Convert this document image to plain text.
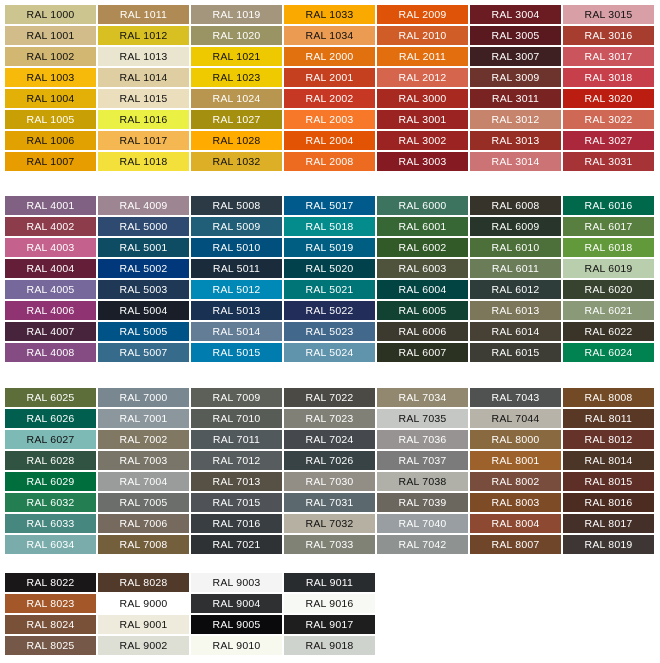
RAL 1000
RAL 1001
RAL 1002
RAL 1003
RAL 1004
RAL 1005
RAL 1006
RAL 1007
RAL 1011
RAL 1012
RAL 1013
RAL 1014
RAL 1015
RAL 1016
RAL 1017
RAL 1018
RAL 1019
RAL 1020
RAL 1021
RAL 1023
RAL 1024
RAL 1027
RAL 1028
RAL 1032
RAL 1033
RAL 1034
RAL 2000
RAL 2001
RAL 2002
RAL 2003
RAL 2004
RAL 2008
RAL 2009
RAL 2010
RAL 2011
RAL 2012
RAL 3000
RAL 3001
RAL 3002
RAL 3003
RAL 3004
RAL 3005
RAL 3007
RAL 3009
RAL 3011
RAL 3012
RAL 3013
RAL 3014
RAL 3015
RAL 3016
RAL 3017
RAL 3018
RAL 3020
RAL 3022
RAL 3027
RAL 3031
RAL 4001
RAL 4002
RAL 4003
RAL 4004
RAL 4005
RAL 4006
RAL 4007
RAL 4008
RAL 4009
RAL 5000
RAL 5001
RAL 5002
RAL 5003
RAL 5004
RAL 5005
RAL 5007
RAL 5008
RAL 5009
RAL 5010
RAL 5011
RAL 5012
RAL 5013
RAL 5014
RAL 5015
RAL 5017
RAL 5018
RAL 5019
RAL 5020
RAL 5021
RAL 5022
RAL 5023
RAL 5024
RAL 6000
RAL 6001
RAL 6002
RAL 6003
RAL 6004
RAL 6005
RAL 6006
RAL 6007
RAL 6008
RAL 6009
RAL 6010
RAL 6011
RAL 6012
RAL 6013
RAL 6014
RAL 6015
RAL 6016
RAL 6017
RAL 6018
RAL 6019
RAL 6020
RAL 6021
RAL 6022
RAL 6024
RAL 6025
RAL 6026
RAL 6027
RAL 6028
RAL 6029
RAL 6032
RAL 6033
RAL 6034
RAL 7000
RAL 7001
RAL 7002
RAL 7003
RAL 7004
RAL 7005
RAL 7006
RAL 7008
RAL 7009
RAL 7010
RAL 7011
RAL 7012
RAL 7013
RAL 7015
RAL 7016
RAL 7021
RAL 7022
RAL 7023
RAL 7024
RAL 7026
RAL 7030
RAL 7031
RAL 7032
RAL 7033
RAL 7034
RAL 7035
RAL 7036
RAL 7037
RAL 7038
RAL 7039
RAL 7040
RAL 7042
RAL 7043
RAL 7044
RAL 8000
RAL 8001
RAL 8002
RAL 8003
RAL 8004
RAL 8007
RAL 8008
RAL 8011
RAL 8012
RAL 8014
RAL 8015
RAL 8016
RAL 8017
RAL 8019
RAL 8022
RAL 8023
RAL 8024
RAL 8025
RAL 8028
RAL 9000
RAL 9001
RAL 9002
RAL 9003
RAL 9004
RAL 9005
RAL 9010
RAL 9011
RAL 9016
RAL 9017
RAL 9018
